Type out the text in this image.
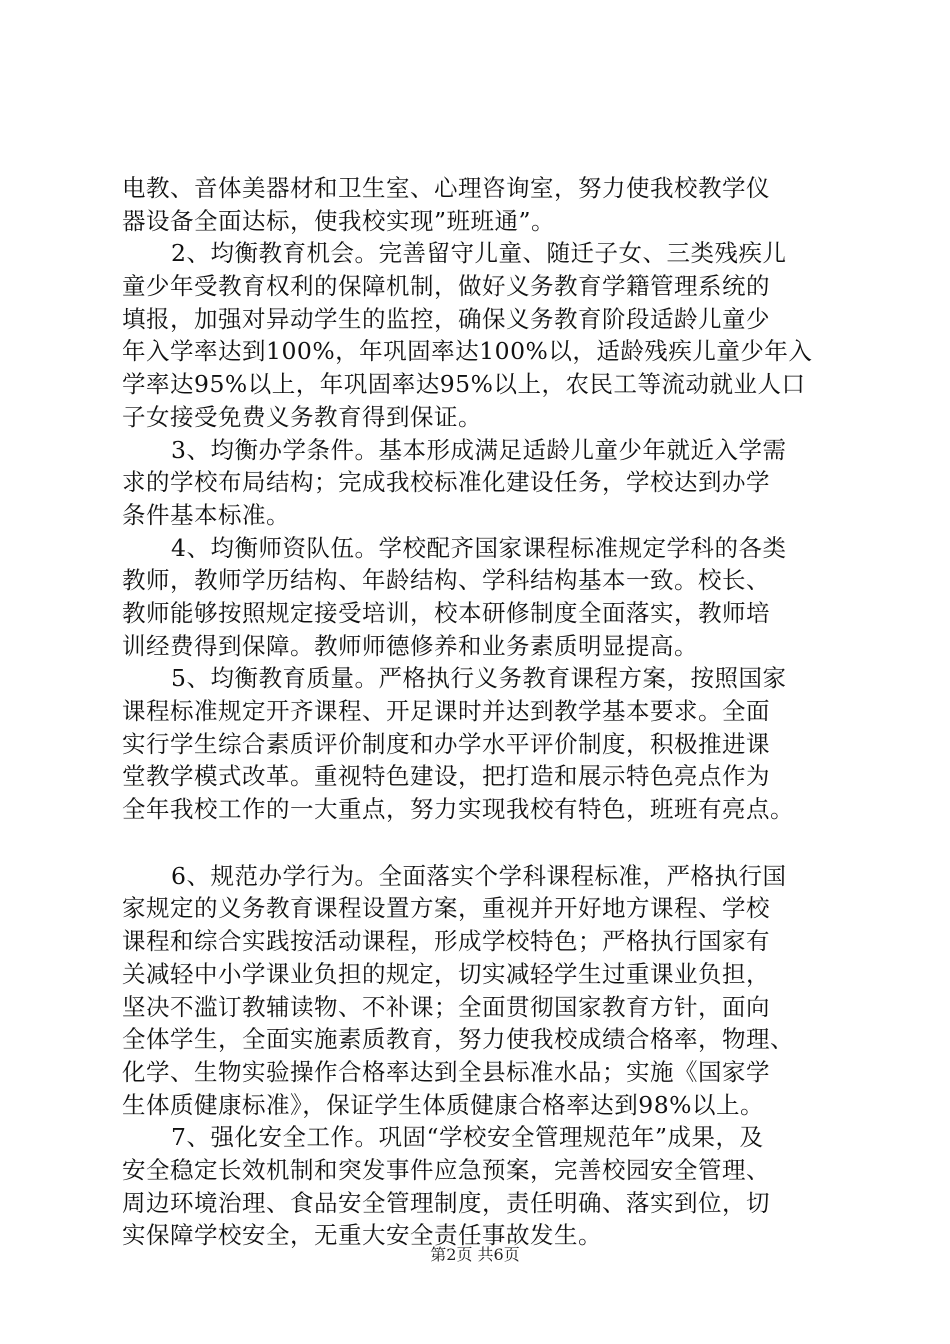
电教、音体美器材和卫生室、心理咨询室，努力使我校教学仪
器设备全面达标，使我校实现”班班通”。
2、均衡教育机会。完善留守儿童、随迁子女、三类残疾儿
童少年受教育权利的保障机制，做好义务教育学籍管理系统的
填报，加强对异动学生的监控，确保义务教育阶段适龄儿童少
年入学率达到100%，年巩固率达100%以，适龄残疾儿童少年入
学率达95%以上，年巩固率达95%以上，农民工等流动就业人口
子女接受免费义务教育得到保证。
3、均衡办学条件。基本形成满足适龄儿童少年就近入学需
求的学校布局结构；完成我校标准化建设任务，学校达到办学
条件基本标准。
4、均衡师资队伍。学校配齐国家课程标准规定学科的各类
教师，教师学历结构、年龄结构、学科结构基本一致。校长、
教师能够按照规定接受培训，校本研修制度全面落实，教师培
训经费得到保障。教师师德修养和业务素质明显提高。
5、均衡教育质量。严格执行义务教育课程方案，按照国家
课程标准规定开齐课程、开足课时并达到教学基本要求。全面
实行学生综合素质评价制度和办学水平评价制度，积极推进课
堂教学模式改革。重视特色建设，把打造和展示特色亮点作为
全年我校工作的一大重点，努力实现我校有特色，班班有亮点。
6、规范办学行为。全面落实个学科课程标准，严格执行国
家规定的义务教育课程设置方案，重视并开好地方课程、学校
课程和综合实践按活动课程，形成学校特色；严格执行国家有
关减轻中小学课业负担的规定，切实减轻学生过重课业负担，
坚决不滥订教辅读物、不补课；全面贯彻国家教育方针，面向
全体学生，全面实施素质教育，努力使我校成绩合格率，物理、
化学、生物实验操作合格率达到全县标准水品；实施《国家学
生体质健康标准》，保证学生体质健康合格率达到98%以上。
7、强化安全工作。巩固“学校安全管理规范年”成果，及
安全稳定长效机制和突发事件应急预案，完善校园安全管理、
周边环境治理、食品安全管理制度，责任明确、落实到位，切
实保障学校安全，无重大安全责任事故发生。
第2页 共6页
